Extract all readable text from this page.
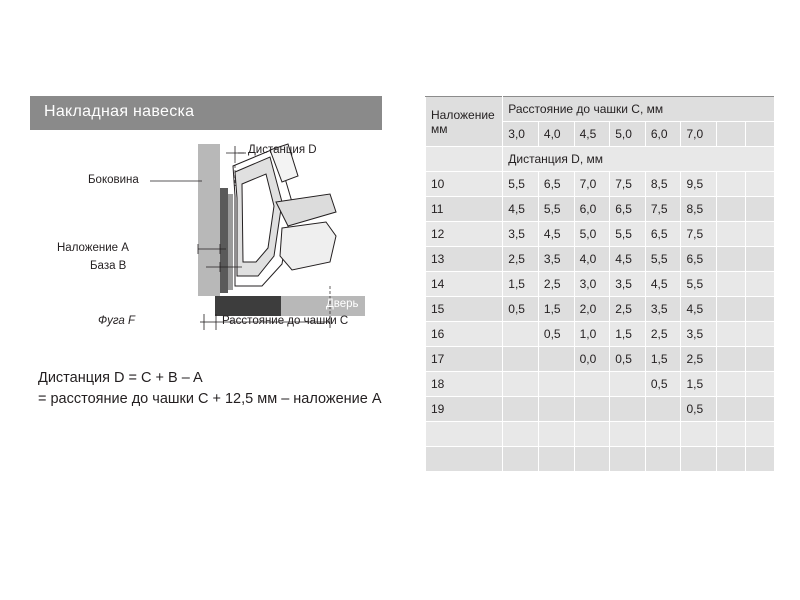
Накладная навеска
Дистанция D
Боковина
Наложение A
База B
Дверь
Фуга F	Расстояние до чашки C
Дистанция D = C + B – A
= расстояние до чашки C + 12,5 мм – наложение A
Наложение
мм	Расстояние до чашки C, мм							
	3,0	4,0	4,5	5,0	6,0	7,0		
	Дистанция D, мм							
10	5,5	6,5	7,0	7,5	8,5	9,5		
11	4,5	5,5	6,0	6,5	7,5	8,5		
12	3,5	4,5	5,0	5,5	6,5	7,5		
13	2,5	3,5	4,0	4,5	5,5	6,5		
14	1,5	2,5	3,0	3,5	4,5	5,5		
15	0,5	1,5	2,0	2,5	3,5	4,5		
16		0,5	1,0	1,5	2,5	3,5		
17			0,0	0,5	1,5	2,5		
18					0,5	1,5		
19						0,5		
